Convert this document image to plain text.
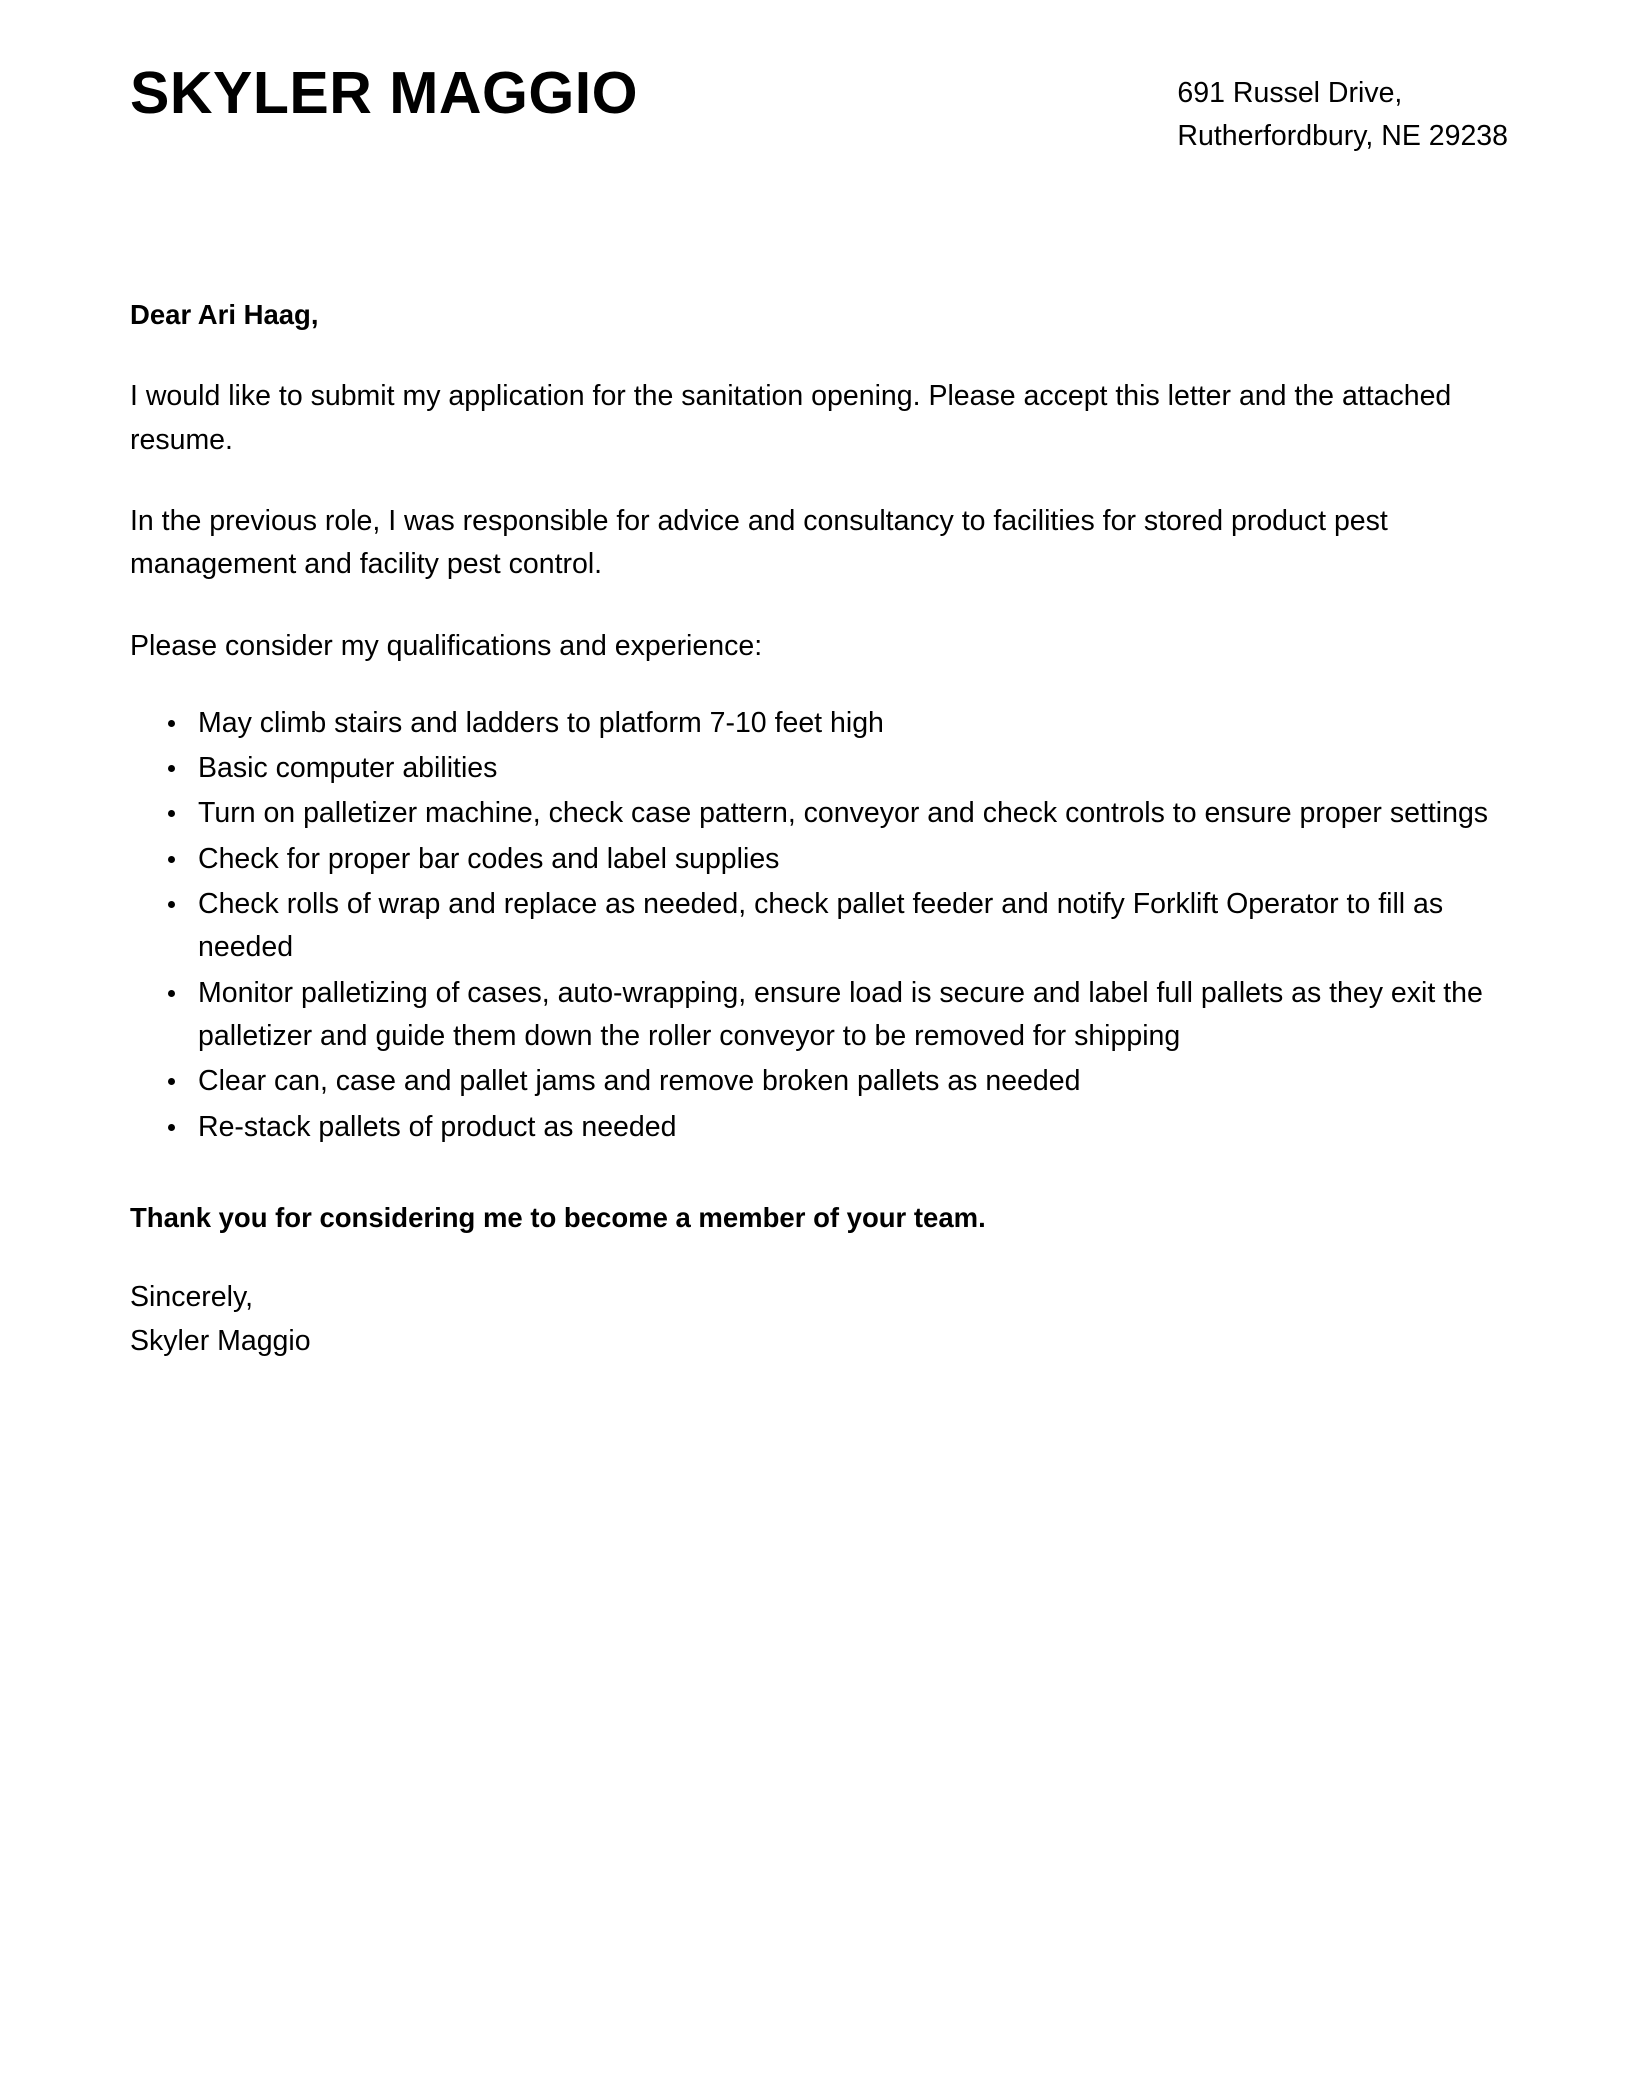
SKYLER MAGGIO	691 Russel Drive,
Rutherfordbury, NE 29238

Dear Ari Haag,

I would like to submit my application for the sanitation opening. Please accept this letter and the attached resume.

In the previous role, I was responsible for advice and consultancy to facilities for stored product pest management and facility pest control.

Please consider my qualifications and experience:

May climb stairs and ladders to platform 7-10 feet high
Basic computer abilities
Turn on palletizer machine, check case pattern, conveyor and check controls to ensure proper settings
Check for proper bar codes and label supplies
Check rolls of wrap and replace as needed, check pallet feeder and notify Forklift Operator to fill as needed
Monitor palletizing of cases, auto-wrapping, ensure load is secure and label full pallets as they exit the palletizer and guide them down the roller conveyor to be removed for shipping
Clear can, case and pallet jams and remove broken pallets as needed
Re-stack pallets of product as needed

Thank you for considering me to become a member of your team.

Sincerely,
Skyler Maggio
